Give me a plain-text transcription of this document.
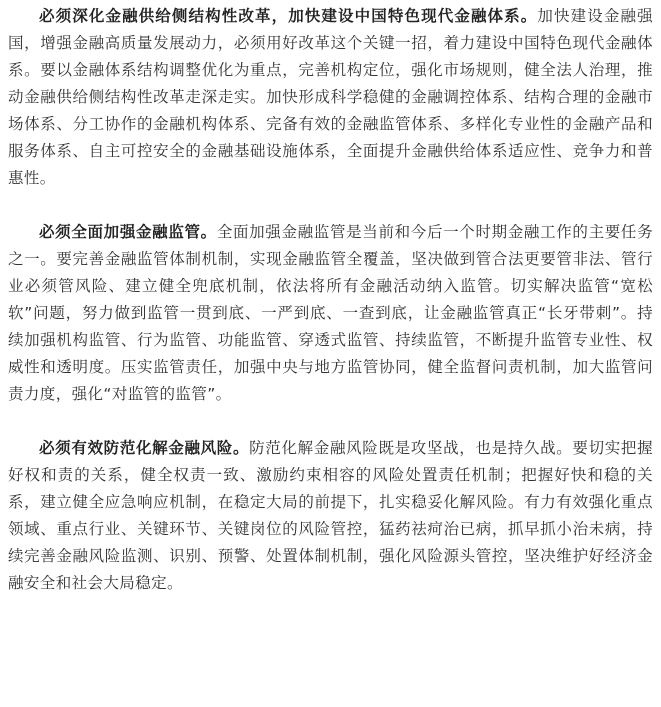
必须深化金融供给侧结构性改革，加快建设中国特色现代金融体系。加快建设金融强国，增强金融高质量发展动力，必须用好改革这个关键一招，着力建设中国特色现代金融体系。要以金融体系结构调整优化为重点，完善机构定位，强化市场规则，健全法人治理，推动金融供给侧结构性改革走深走实。加快形成科学稳健的金融调控体系、结构合理的金融市场体系、分工协作的金融机构体系、完备有效的金融监管体系、多样化专业性的金融产品和服务体系、自主可控安全的金融基础设施体系，全面提升金融供给体系适应性、竞争力和普惠性。

必须全面加强金融监管。全面加强金融监管是当前和今后一个时期金融工作的主要任务之一。要完善金融监管体制机制，实现金融监管全覆盖，坚决做到管合法更要管非法、管行业必须管风险、建立健全兜底机制，依法将所有金融活动纳入监管。切实解决监管“宽松软”问题，努力做到监管一贯到底、一严到底、一查到底，让金融监管真正“长牙带刺”。持续加强机构监管、行为监管、功能监管、穿透式监管、持续监管，不断提升监管专业性、权威性和透明度。压实监管责任，加强中央与地方监管协同，健全监督问责机制，加大监管问责力度，强化“对监管的监管”。

必须有效防范化解金融风险。防范化解金融风险既是攻坚战，也是持久战。要切实把握好权和责的关系，健全权责一致、激励约束相容的风险处置责任机制；把握好快和稳的关系，建立健全应急响应机制，在稳定大局的前提下，扎实稳妥化解风险。有力有效强化重点领域、重点行业、关键环节、关键岗位的风险管控，猛药祛疴治已病，抓早抓小治未病，持续完善金融风险监测、识别、预警、处置体制机制，强化风险源头管控，坚决维护好经济金融安全和社会大局稳定。
